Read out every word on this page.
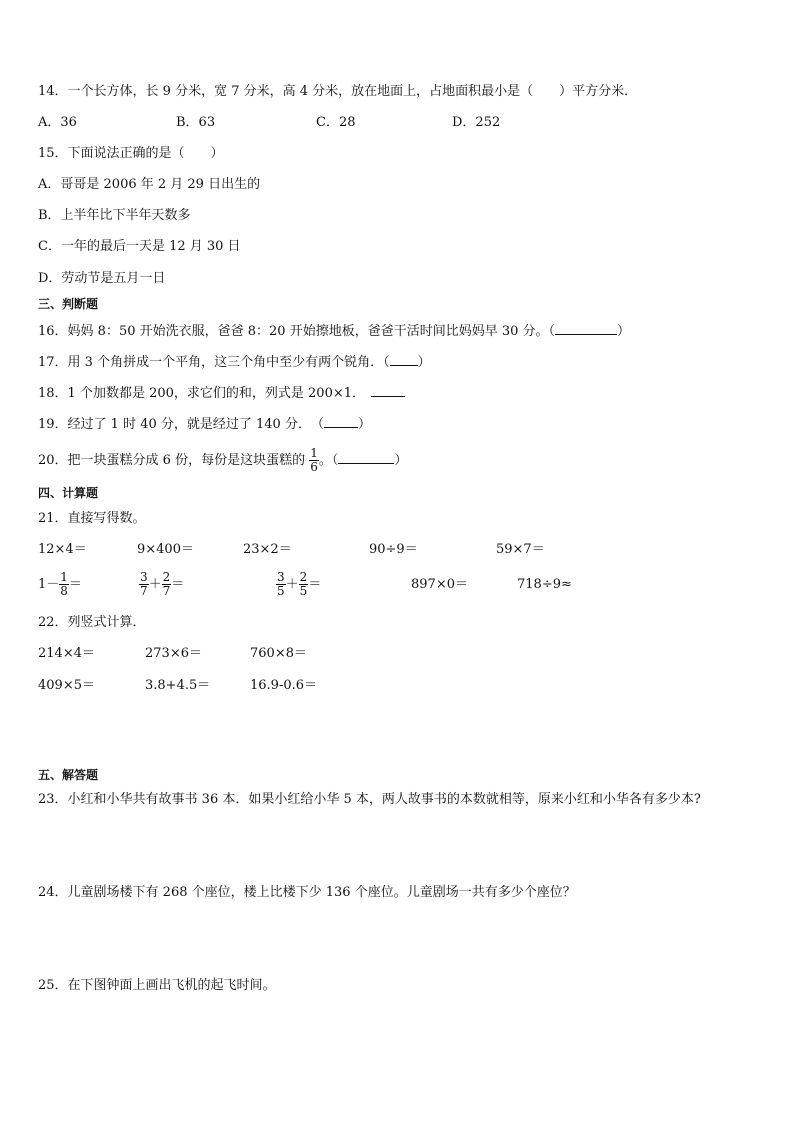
14．一个长方体，长 9 分米，宽 7 分米，高 4 分米，放在地面上，占地面积最小是（　　）平方分米．
A．36	B．63	C．28	D．252
15．下面说法正确的是（　　）
A．哥哥是 2006 年 2 月 29 日出生的
B．上半年比下半年天数多
C．一年的最后一天是 12 月 30 日
D．劳动节是五月一日
三、判断题
16．妈妈 8：50 开始洗衣服，爸爸 8：20 开始擦地板，爸爸干活时间比妈妈早 30 分。（	）
17．用 3 个角拼成一个平角，这三个角中至少有两个锐角．（ ）
18．1 个加数都是 200，求它们的和，列式是 200×1．
19．经过了 1 时 40 分，就是经过了 140 分．　（	）
20．把一块蛋糕分成 6 份，每份是这块蛋糕的 $\frac{1}{6}$ 。（	）
四、计算题
21．直接写得数。
12×4＝	9×400＝	23×2＝	90÷9＝	59×7＝
$1- \frac{1}{8}$ ＝	$\frac{3}{7} + \frac{2}{7}$ ＝	$\frac{3}{5} + \frac{2}{5}$ ＝	897×0＝	718÷9≈
22．列竖式计算．
214×4＝	273×6＝	760×8＝
409×5＝	3.8+4.5＝	16.9-0.6＝
五、解答题
23．小红和小华共有故事书 36 本．如果小红给小华 5 本，两人故事书的本数就相等，原来小红和小华各有多少本?
24．儿童剧场楼下有 268 个座位，楼上比楼下少 136 个座位。儿童剧场一共有多少个座位？
25．在下图钟面上画出飞机的起飞时间。
